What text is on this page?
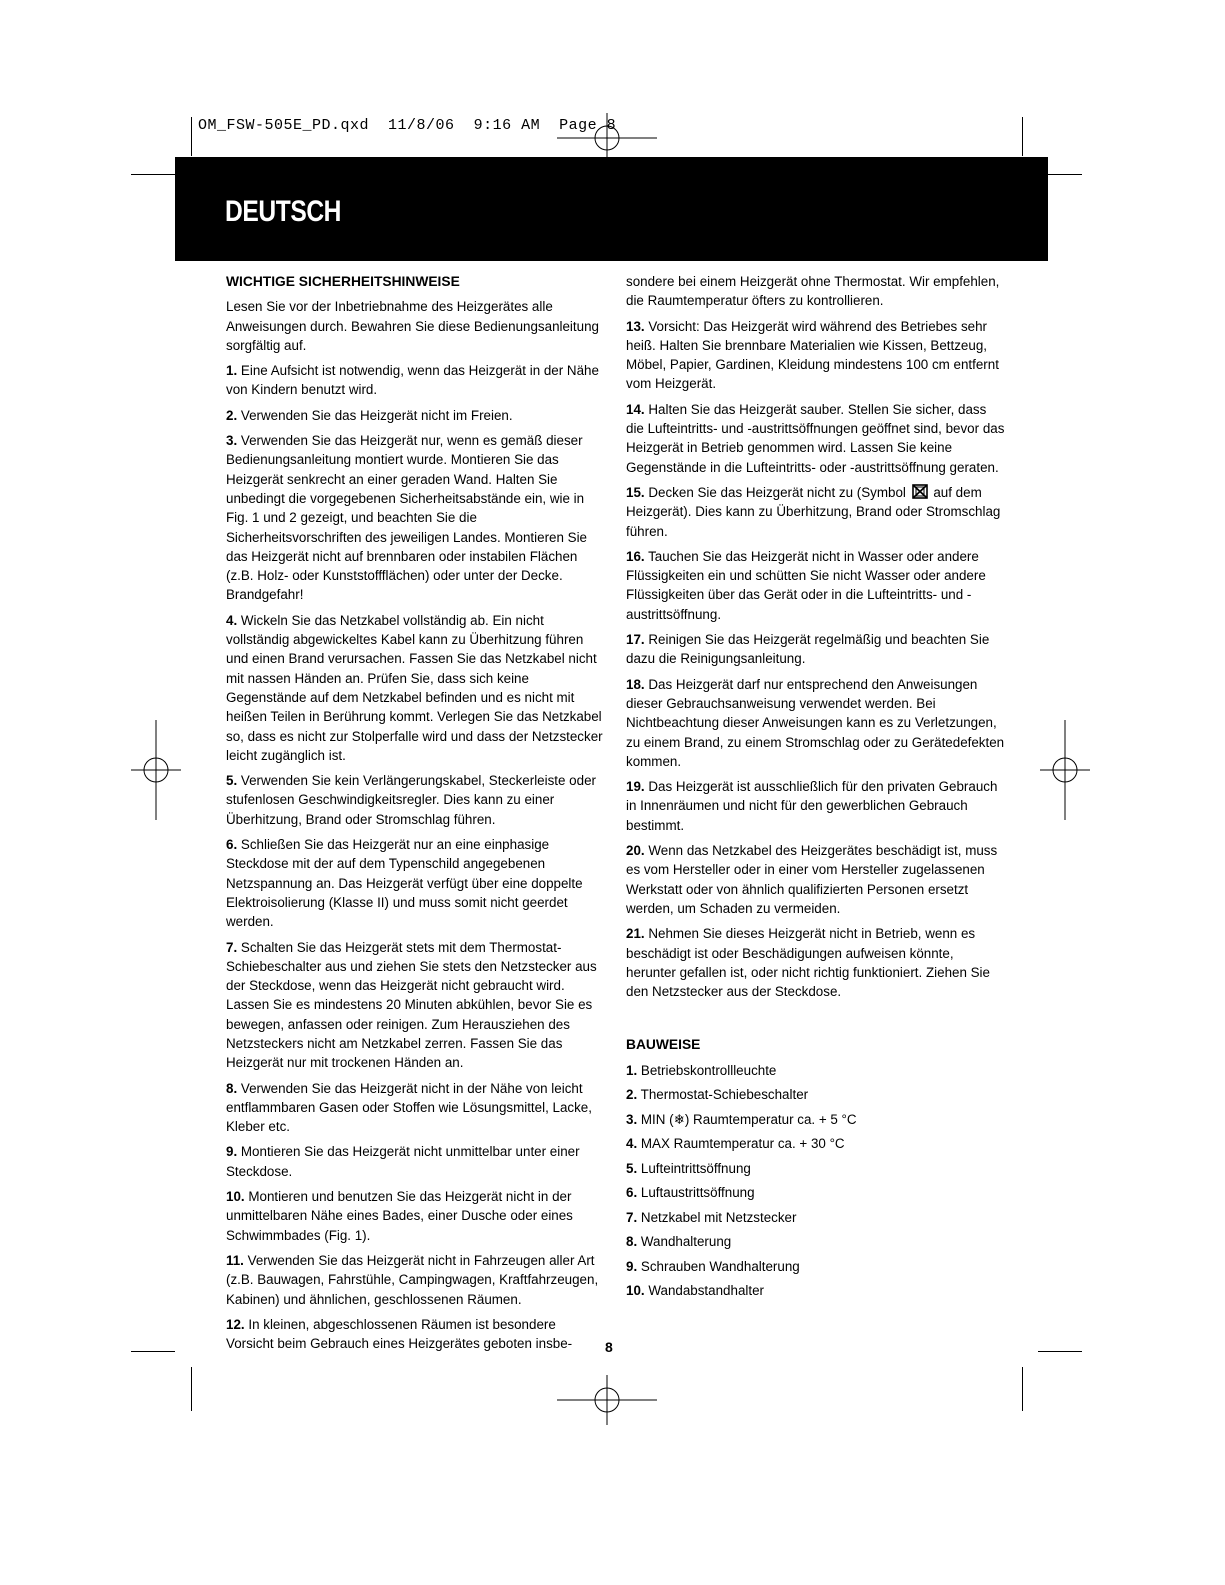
OM_FSW-505E_PD.qxd 11/8/06 9:16 AM Page 8
DEUTSCH
WICHTIGE SICHERHEITSHINWEISE

Lesen Sie vor der Inbetriebnahme des Heizgerätes alle Anweisungen durch. Bewahren Sie diese Bedienungsanleitung sorgfältig auf.

1. Eine Aufsicht ist notwendig, wenn das Heizgerät in der Nähe von Kindern benutzt wird.

2. Verwenden Sie das Heizgerät nicht im Freien.

3. Verwenden Sie das Heizgerät nur, wenn es gemäß dieser Bedienungsanleitung montiert wurde. Montieren Sie das Heizgerät senkrecht an einer geraden Wand. Halten Sie unbedingt die vorgegebenen Sicherheitsabstände ein, wie in Fig. 1 und 2 gezeigt, und beachten Sie die Sicherheitsvorschriften des jeweiligen Landes. Montieren Sie das Heizgerät nicht auf brennbaren oder instabilen Flächen (z.B. Holz- oder Kunststoffflächen) oder unter der Decke. Brandgefahr!

4. Wickeln Sie das Netzkabel vollständig ab. Ein nicht vollständig abgewickeltes Kabel kann zu Überhitzung führen und einen Brand verursachen. Fassen Sie das Netzkabel nicht mit nassen Händen an. Prüfen Sie, dass sich keine Gegenstände auf dem Netzkabel befinden und es nicht mit heißen Teilen in Berührung kommt. Verlegen Sie das Netzkabel so, dass es nicht zur Stolperfalle wird und dass der Netzstecker leicht zugänglich ist.

5. Verwenden Sie kein Verlängerungskabel, Steckerleiste oder stufenlosen Geschwindigkeitsregler. Dies kann zu einer Überhitzung, Brand oder Stromschlag führen.

6. Schließen Sie das Heizgerät nur an eine einphasige Steckdose mit der auf dem Typenschild angegebenen Netzspannung an. Das Heizgerät verfügt über eine doppelte Elektroisolierung (Klasse II) und muss somit nicht geerdet werden.

7. Schalten Sie das Heizgerät stets mit dem Thermostat-Schiebeschalter aus und ziehen Sie stets den Netzstecker aus der Steckdose, wenn das Heizgerät nicht gebraucht wird. Lassen Sie es mindestens 20 Minuten abkühlen, bevor Sie es bewegen, anfassen oder reinigen. Zum Herausziehen des Netzsteckers nicht am Netzkabel zerren. Fassen Sie das Heizgerät nur mit trockenen Händen an.

8. Verwenden Sie das Heizgerät nicht in der Nähe von leicht entflammbaren Gasen oder Stoffen wie Lösungsmittel, Lacke, Kleber etc.

9. Montieren Sie das Heizgerät nicht unmittelbar unter einer Steckdose.

10. Montieren und benutzen Sie das Heizgerät nicht in der unmittelbaren Nähe eines Bades, einer Dusche oder eines Schwimmbades (Fig. 1).

11. Verwenden Sie das Heizgerät nicht in Fahrzeugen aller Art (z.B. Bauwagen, Fahrstühle, Campingwagen, Kraftfahrzeugen, Kabinen) und ähnlichen, geschlossenen Räumen.

12. In kleinen, abgeschlossenen Räumen ist besondere Vorsicht beim Gebrauch eines Heizgerätes geboten insbe-

sondere bei einem Heizgerät ohne Thermostat. Wir empfehlen, die Raumtemperatur öfters zu kontrollieren.

13. Vorsicht: Das Heizgerät wird während des Betriebes sehr heiß. Halten Sie brennbare Materialien wie Kissen, Bettzeug, Möbel, Papier, Gardinen, Kleidung mindestens 100 cm entfernt vom Heizgerät.

14. Halten Sie das Heizgerät sauber. Stellen Sie sicher, dass die Lufteintritts- und -austrittsöffnungen geöffnet sind, bevor das Heizgerät in Betrieb genommen wird. Lassen Sie keine Gegenstände in die Lufteintritts- oder -austrittsöffnung geraten.

15. Decken Sie das Heizgerät nicht zu (Symbol auf dem Heizgerät). Dies kann zu Überhitzung, Brand oder Stromschlag führen.

16. Tauchen Sie das Heizgerät nicht in Wasser oder andere Flüssigkeiten ein und schütten Sie nicht Wasser oder andere Flüssigkeiten über das Gerät oder in die Lufteintritts- und -austrittsöffnung.

17. Reinigen Sie das Heizgerät regelmäßig und beachten Sie dazu die Reinigungsanleitung.

18. Das Heizgerät darf nur entsprechend den Anweisungen dieser Gebrauchsanweisung verwendet werden. Bei Nichtbeachtung dieser Anweisungen kann es zu Verletzungen, zu einem Brand, zu einem Stromschlag oder zu Gerätedefekten kommen.

19. Das Heizgerät ist ausschließlich für den privaten Gebrauch in Innenräumen und nicht für den gewerblichen Gebrauch bestimmt.

20. Wenn das Netzkabel des Heizgerätes beschädigt ist, muss es vom Hersteller oder in einer vom Hersteller zugelassenen Werkstatt oder von ähnlich qualifizierten Personen ersetzt werden, um Schaden zu vermeiden.

21. Nehmen Sie dieses Heizgerät nicht in Betrieb, wenn es beschädigt ist oder Beschädigungen aufweisen könnte, herunter gefallen ist, oder nicht richtig funktioniert. Ziehen Sie den Netzstecker aus der Steckdose.

BAUWEISE
1. Betriebskontrollleuchte
2. Thermostat-Schiebeschalter
3. MIN (❄) Raumtemperatur ca. + 5 °C
4. MAX Raumtemperatur ca. + 30 °C
5. Lufteintrittsöffnung
6. Luftaustrittsöffnung
7. Netzkabel mit Netzstecker
8. Wandhalterung
9. Schrauben Wandhalterung
10. Wandabstandhalter
8
